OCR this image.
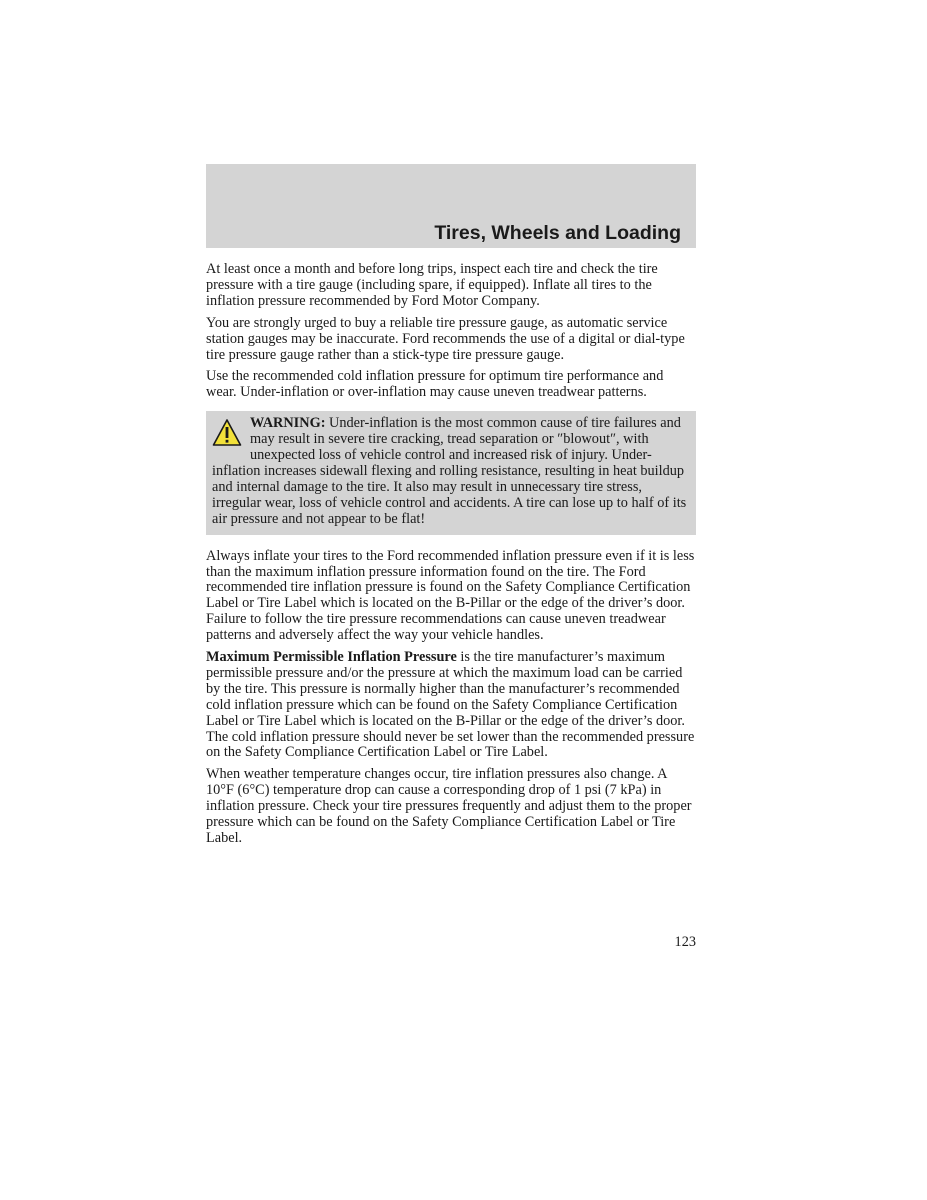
Tires, Wheels and Loading

At least once a month and before long trips, inspect each tire and check the tire pressure with a tire gauge (including spare, if equipped). Inflate all tires to the inflation pressure recommended by Ford Motor Company.

You are strongly urged to buy a reliable tire pressure gauge, as automatic service station gauges may be inaccurate. Ford recommends the use of a digital or dial-type tire pressure gauge rather than a stick-type tire pressure gauge.

Use the recommended cold inflation pressure for optimum tire performance and wear. Under-inflation or over-inflation may cause uneven treadwear patterns.

WARNING: Under-inflation is the most common cause of tire failures and may result in severe tire cracking, tread separation or ″blowout″, with unexpected loss of vehicle control and increased risk of injury. Under-inflation increases sidewall flexing and rolling resistance, resulting in heat buildup and internal damage to the tire. It also may result in unnecessary tire stress, irregular wear, loss of vehicle control and accidents. A tire can lose up to half of its air pressure and not appear to be flat!

Always inflate your tires to the Ford recommended inflation pressure even if it is less than the maximum inflation pressure information found on the tire. The Ford recommended tire inflation pressure is found on the Safety Compliance Certification Label or Tire Label which is located on the B-Pillar or the edge of the driver’s door. Failure to follow the tire pressure recommendations can cause uneven treadwear patterns and adversely affect the way your vehicle handles.

Maximum Permissible Inflation Pressure is the tire manufacturer’s maximum permissible pressure and/or the pressure at which the maximum load can be carried by the tire. This pressure is normally higher than the manufacturer’s recommended cold inflation pressure which can be found on the Safety Compliance Certification Label or Tire Label which is located on the B-Pillar or the edge of the driver’s door. The cold inflation pressure should never be set lower than the recommended pressure on the Safety Compliance Certification Label or Tire Label.

When weather temperature changes occur, tire inflation pressures also change. A 10°F (6°C) temperature drop can cause a corresponding drop of 1 psi (7 kPa) in inflation pressure. Check your tire pressures frequently and adjust them to the proper pressure which can be found on the Safety Compliance Certification Label or Tire Label.

123
